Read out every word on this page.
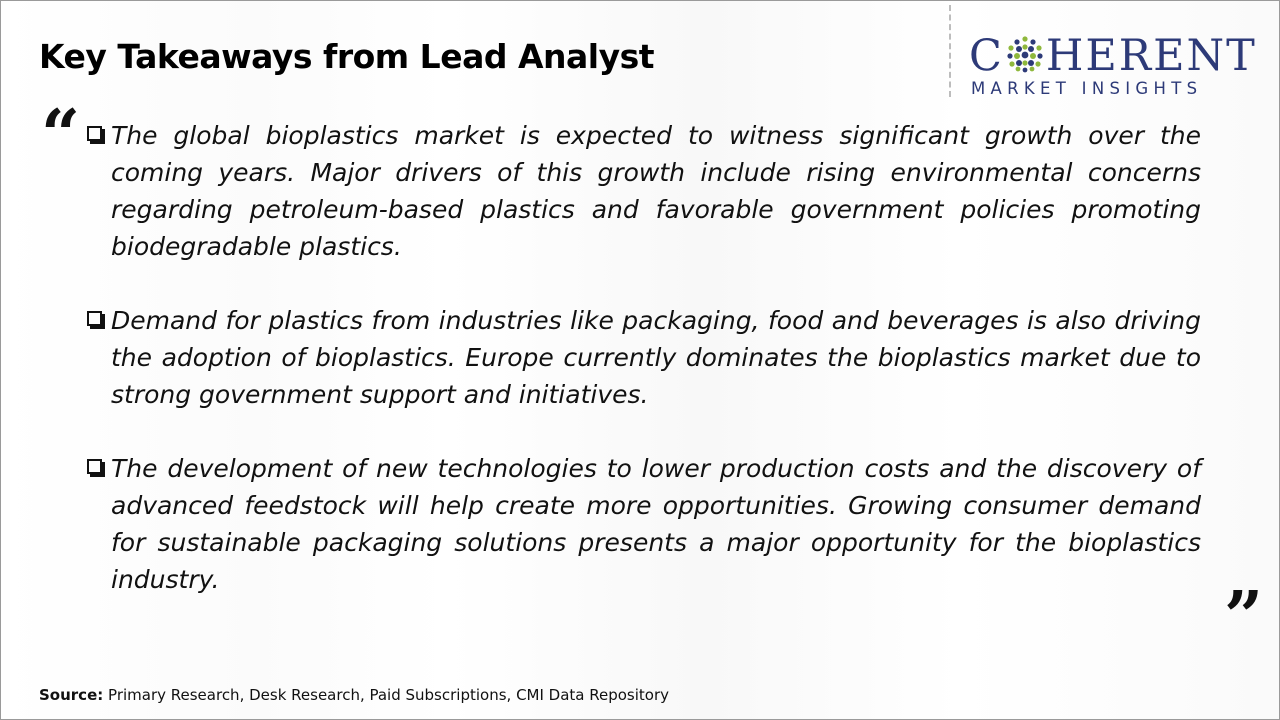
Key Takeaways from Lead Analyst	C HERENT
MARKET INSIGHTS
“	The global bioplastics market is expected to witness significant growth over the coming years. Major drivers of this growth include rising environmental concerns regarding petroleum-based plastics and favorable government policies promoting biodegradable plastics.
Demand for plastics from industries like packaging, food and beverages is also driving the adoption of bioplastics. Europe currently dominates the bioplastics market due to strong government support and initiatives.
The development of new technologies to lower production costs and the discovery of advanced feedstock will help create more opportunities. Growing consumer demand for sustainable packaging solutions presents a major opportunity for the bioplastics industry.	”
Source: Primary Research, Desk Research, Paid Subscriptions, CMI Data Repository
